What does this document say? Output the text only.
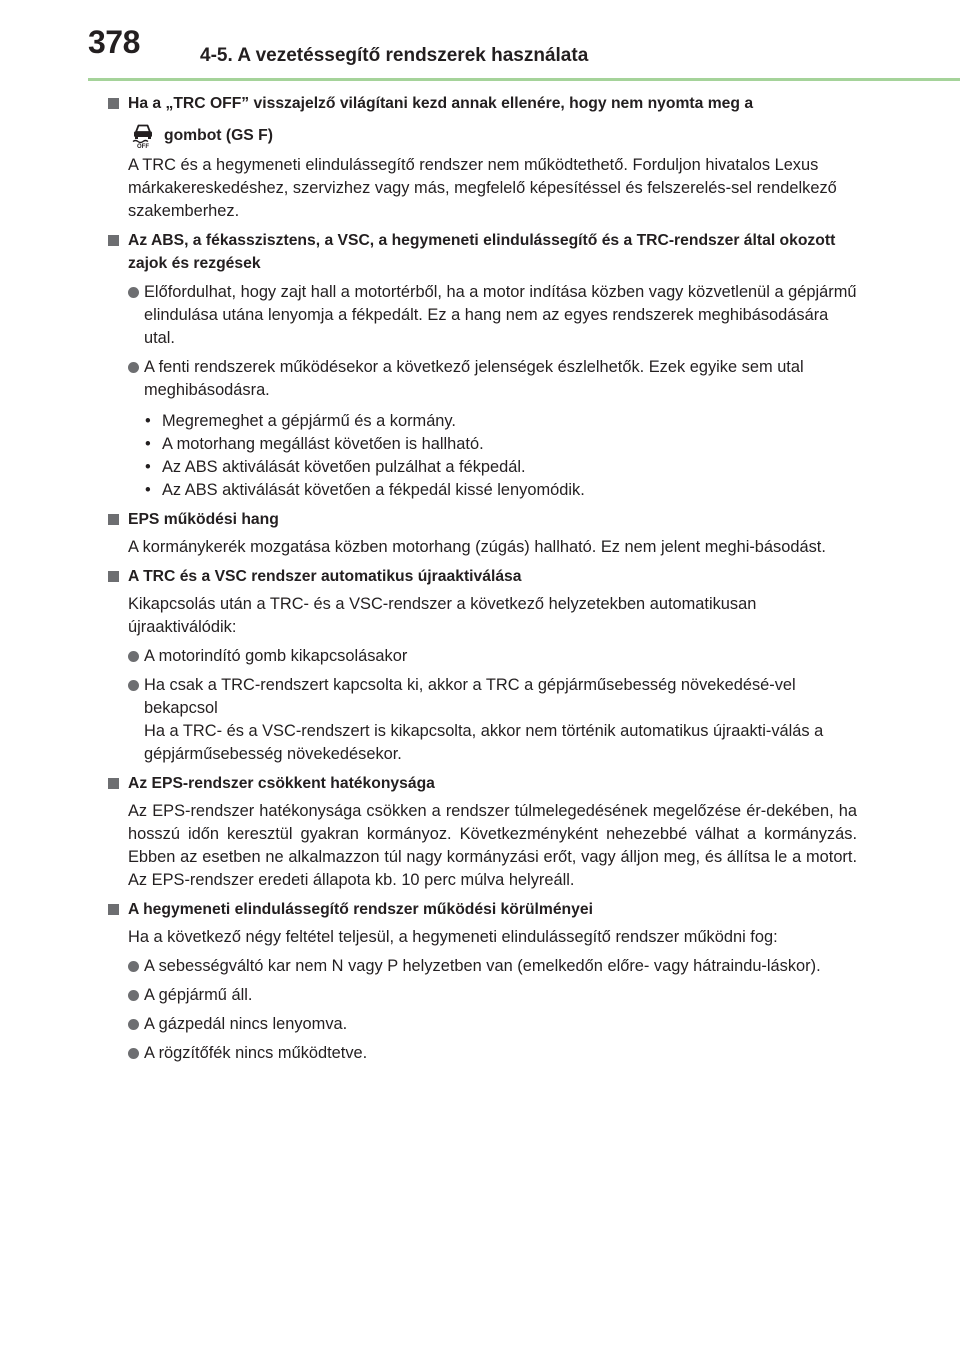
378	4-5. A vezetéssegítő rendszerek használata
Ha a „TRC OFF” visszajelző világítani kezd annak ellenére, hogy nem nyomta meg a
OFF
gombot (GS F)
A TRC és a hegymeneti elindulássegítő rendszer nem működtethető. Forduljon hivatalos Lexus márkakereskedéshez, szervizhez vagy más, megfelelő képesítéssel és felszerelés-sel rendelkező szakemberhez.
Az ABS, a fékasszisztens, a VSC, a hegymeneti elindulássegítő és a TRC-rendszer által okozott zajok és rezgések
Előfordulhat, hogy zajt hall a motortérből, ha a motor indítása közben vagy közvetlenül a gépjármű elindulása utána lenyomja a fékpedált. Ez a hang nem az egyes rendszerek meghibásodására utal.
A fenti rendszerek működésekor a következő jelenségek észlelhetők. Ezek egyike sem utal meghibásodásra.
• Megremeghet a gépjármű és a kormány.
• A motorhang megállást követően is hallható.
• Az ABS aktiválását követően pulzálhat a fékpedál.
• Az ABS aktiválását követően a fékpedál kissé lenyomódik.
EPS működési hang
A kormánykerék mozgatása közben motorhang (zúgás) hallható. Ez nem jelent meghi-básodást.
A TRC és a VSC rendszer automatikus újraaktiválása
Kikapcsolás után a TRC- és a VSC-rendszer a következő helyzetekben automatikusan újraaktiválódik:
A motorindító gomb kikapcsolásakor
Ha csak a TRC-rendszert kapcsolta ki, akkor a TRC a gépjárműsebesség növekedésé-vel bekapcsol
Ha a TRC- és a VSC-rendszert is kikapcsolta, akkor nem történik automatikus újraakti-válás a gépjárműsebesség növekedésekor.
Az EPS-rendszer csökkent hatékonysága
Az EPS-rendszer hatékonysága csökken a rendszer túlmelegedésének megelőzése ér-dekében, ha hosszú időn keresztül gyakran kormányoz. Következményként nehezebbé válhat a kormányzás. Ebben az esetben ne alkalmazzon túl nagy kormányzási erőt, vagy álljon meg, és állítsa le a motort. Az EPS-rendszer eredeti állapota kb. 10 perc múlva helyreáll.
A hegymeneti elindulássegítő rendszer működési körülményei
Ha a következő négy feltétel teljesül, a hegymeneti elindulássegítő rendszer működni fog:
A sebességváltó kar nem N vagy P helyzetben van (emelkedőn előre- vagy hátraindu-láskor).
A gépjármű áll.
A gázpedál nincs lenyomva.
A rögzítőfék nincs működtetve.
